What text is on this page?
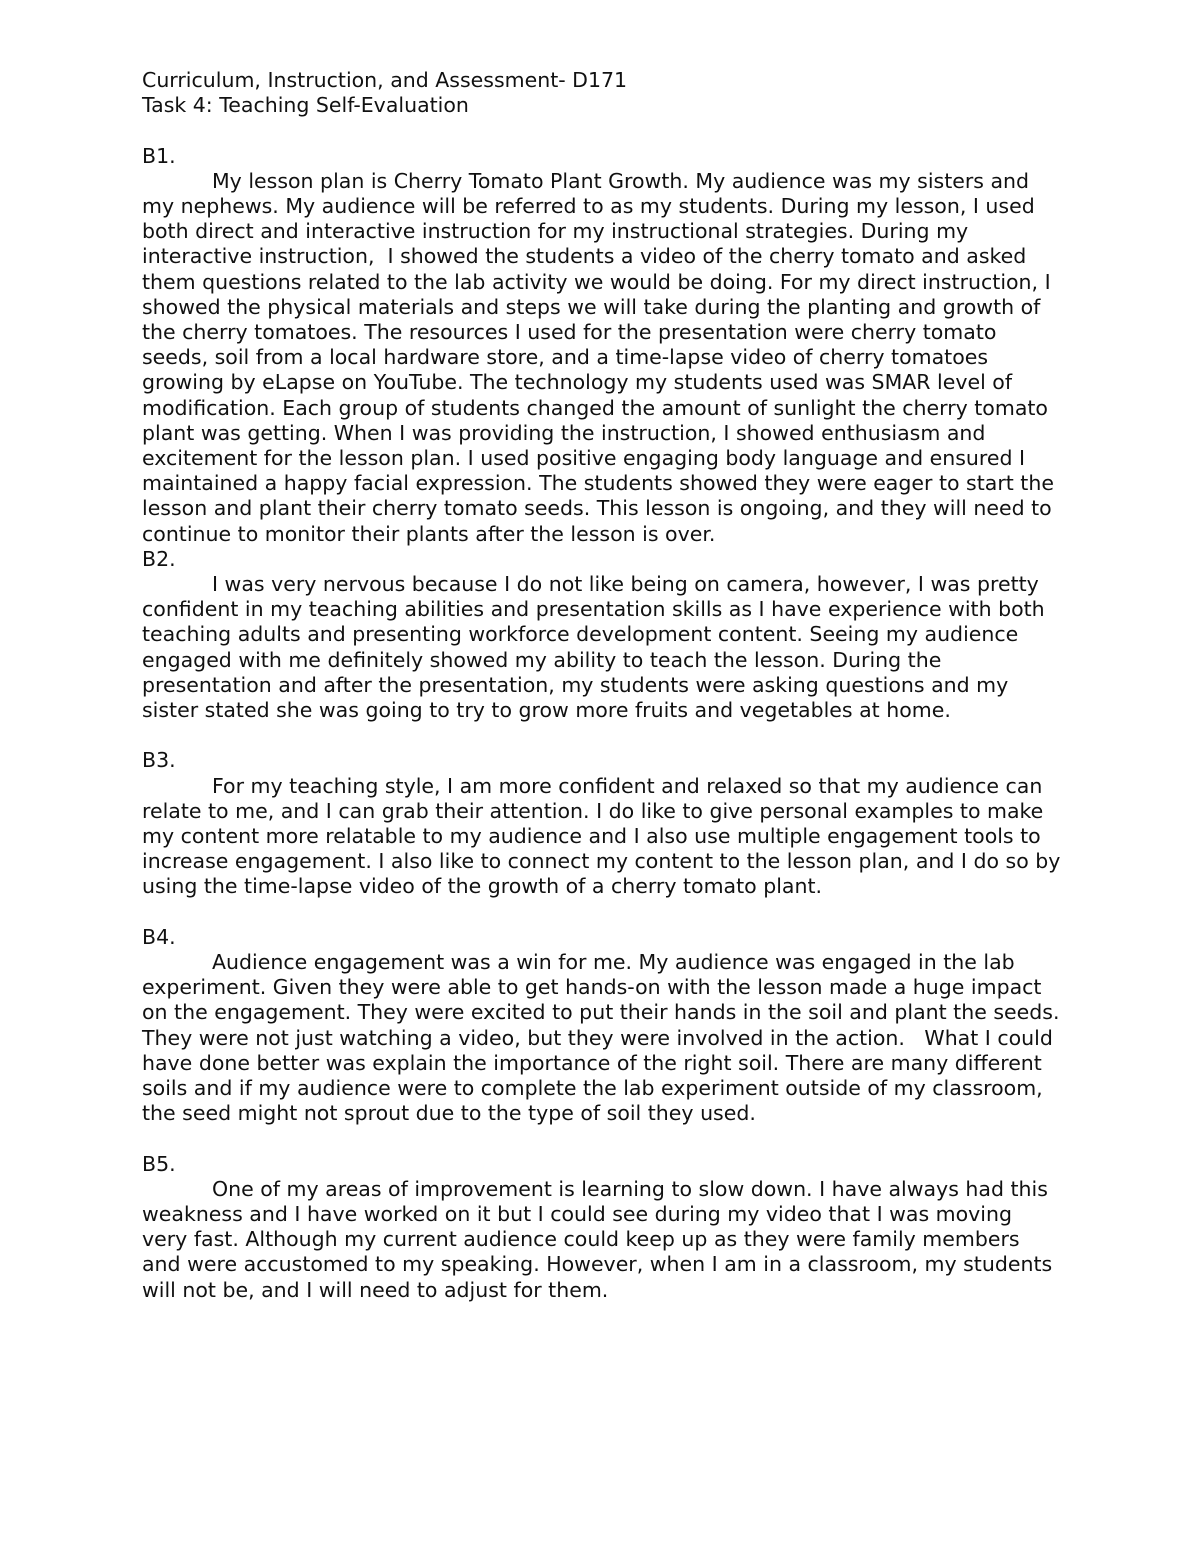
Curriculum, Instruction, and Assessment- D171

Task 4: Teaching Self-Evaluation

B1.

My lesson plan is Cherry Tomato Plant Growth. My audience was my sisters and my nephews. My audience will be referred to as my students. During my lesson, I used both direct and interactive instruction for my instructional strategies. During my interactive instruction,  I showed the students a video of the cherry tomato and asked them questions related to the lab activity we would be doing. For my direct instruction, I showed the physical materials and steps we will take during the planting and growth of the cherry tomatoes. The resources I used for the presentation were cherry tomato seeds, soil from a local hardware store, and a time-lapse video of cherry tomatoes growing by eLapse on YouTube. The technology my students used was SMAR level of modification. Each group of students changed the amount of sunlight the cherry tomato plant was getting. When I was providing the instruction, I showed enthusiasm and excitement for the lesson plan. I used positive engaging body language and ensured I maintained a happy facial expression. The students showed they were eager to start the lesson and plant their cherry tomato seeds. This lesson is ongoing, and they will need to continue to monitor their plants after the lesson is over.

B2.

I was very nervous because I do not like being on camera, however, I was pretty confident in my teaching abilities and presentation skills as I have experience with both teaching adults and presenting workforce development content. Seeing my audience engaged with me definitely showed my ability to teach the lesson. During the presentation and after the presentation, my students were asking questions and my sister stated she was going to try to grow more fruits and vegetables at home.

B3.

For my teaching style, I am more confident and relaxed so that my audience can relate to me, and I can grab their attention. I do like to give personal examples to make my content more relatable to my audience and I also use multiple engagement tools to increase engagement. I also like to connect my content to the lesson plan, and I do so by using the time-lapse video of the growth of a cherry tomato plant.

B4.

Audience engagement was a win for me. My audience was engaged in the lab experiment. Given they were able to get hands-on with the lesson made a huge impact on the engagement. They were excited to put their hands in the soil and plant the seeds. They were not just watching a video, but they were involved in the action.   What I could have done better was explain the importance of the right soil. There are many different soils and if my audience were to complete the lab experiment outside of my classroom, the seed might not sprout due to the type of soil they used.

B5.

One of my areas of improvement is learning to slow down. I have always had this weakness and I have worked on it but I could see during my video that I was moving very fast. Although my current audience could keep up as they were family members and were accustomed to my speaking. However, when I am in a classroom, my students will not be, and I will need to adjust for them.
